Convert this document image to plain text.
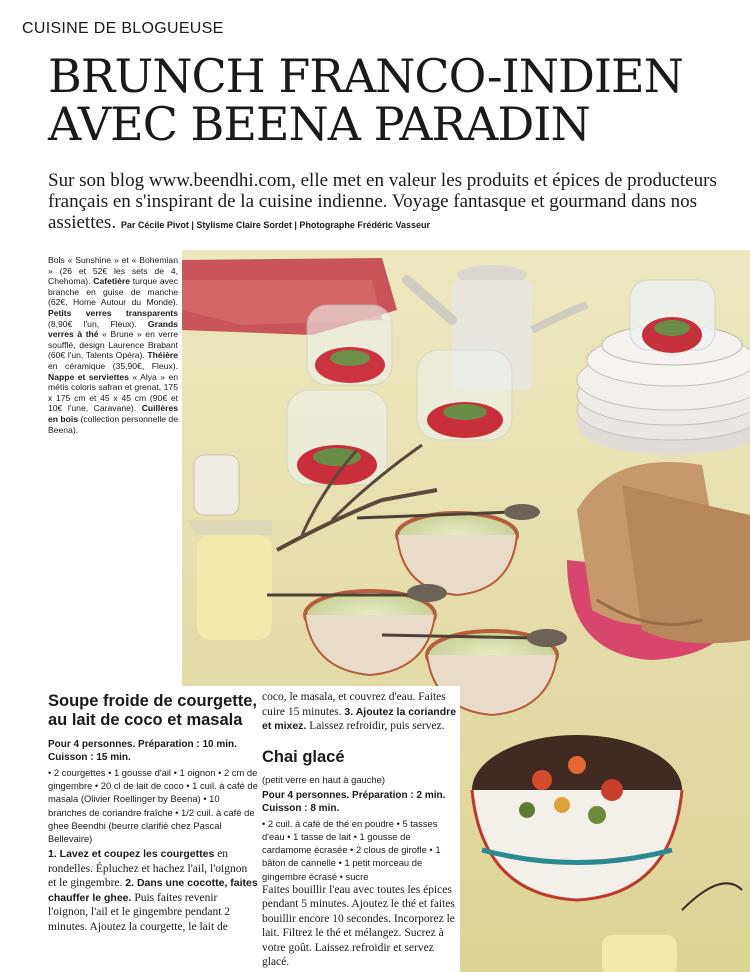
CUISINE DE BLOGUEUSE
BRUNCH FRANCO-INDIEN
AVEC BEENA PARADIN
Sur son blog www.beendhi.com, elle met en valeur les produits et épices de producteurs français en s'inspirant de la cuisine indienne. Voyage fantasque et gourmand dans nos assiettes. Par Cécile Pivot | Stylisme Claire Sordet | Photographe Frédéric Vasseur
Bols « Sunshine » et « Bohemian » (26 et 52€ les sets de 4, Chehoma). Cafetière turque avec branche en guise de manche (62€, Home Autour du Monde). Petits verres transparents (8,90€ l'un, Fleux). Grands verres à thé « Brune » en verre soufflé, design Laurence Brabant (60€ l'un, Talents Opéra). Théière en céramique (35,90€, Fleux). Nappe et serviettes « Alya » en métis coloris safran et grenat, 175 x 175 cm et 45 x 45 cm (90€ et 10€ l'une, Caravane). Cuillères en bois (collection personnelle de Beena).
Soupe froide de courgette, au lait de coco et masala
Pour 4 personnes. Préparation : 10 min.
Cuisson : 15 min.
• 2 courgettes • 1 gousse d'ail • 1 oignon • 2 cm de gingembre • 20 cl de lait de coco • 1 cuil. à café de masala (Olivier Roellinger by Beena) • 10 branches de coriandre fraîche • 1/2 cuil. à café de ghee Beendhi (beurre clarifié chez Pascal Bellevaire)
1. Lavez et coupez les courgettes en rondelles. Épluchez et hachez l'ail, l'oignon et le gingembre. 2. Dans une cocotte, faites chauffer le ghee. Puis faites revenir l'oignon, l'ail et le gingembre pendant 2 minutes. Ajoutez la courgette, le lait de
coco, le masala, et couvrez d'eau. Faites cuire 15 minutes. 3. Ajoutez la coriandre et mixez. Laissez refroidir, puis servez.
Chai glacé
(petit verre en haut à gauche)
Pour 4 personnes. Préparation : 2 min.
Cuisson : 8 min.
• 2 cuil. à café de thé en poudre • 5 tasses d'eau • 1 tasse de lait • 1 gousse de cardamome écrasée • 2 clous de girofle • 1 bâton de cannelle • 1 petit morceau de gingembre écrasé • sucre
Faites bouillir l'eau avec toutes les épices pendant 5 minutes. Ajoutez le thé et faites bouillir encore 10 secondes. Incorporez le lait. Filtrez le thé et mélangez. Sucrez à votre goût. Laissez refroidir et servez glacé.
